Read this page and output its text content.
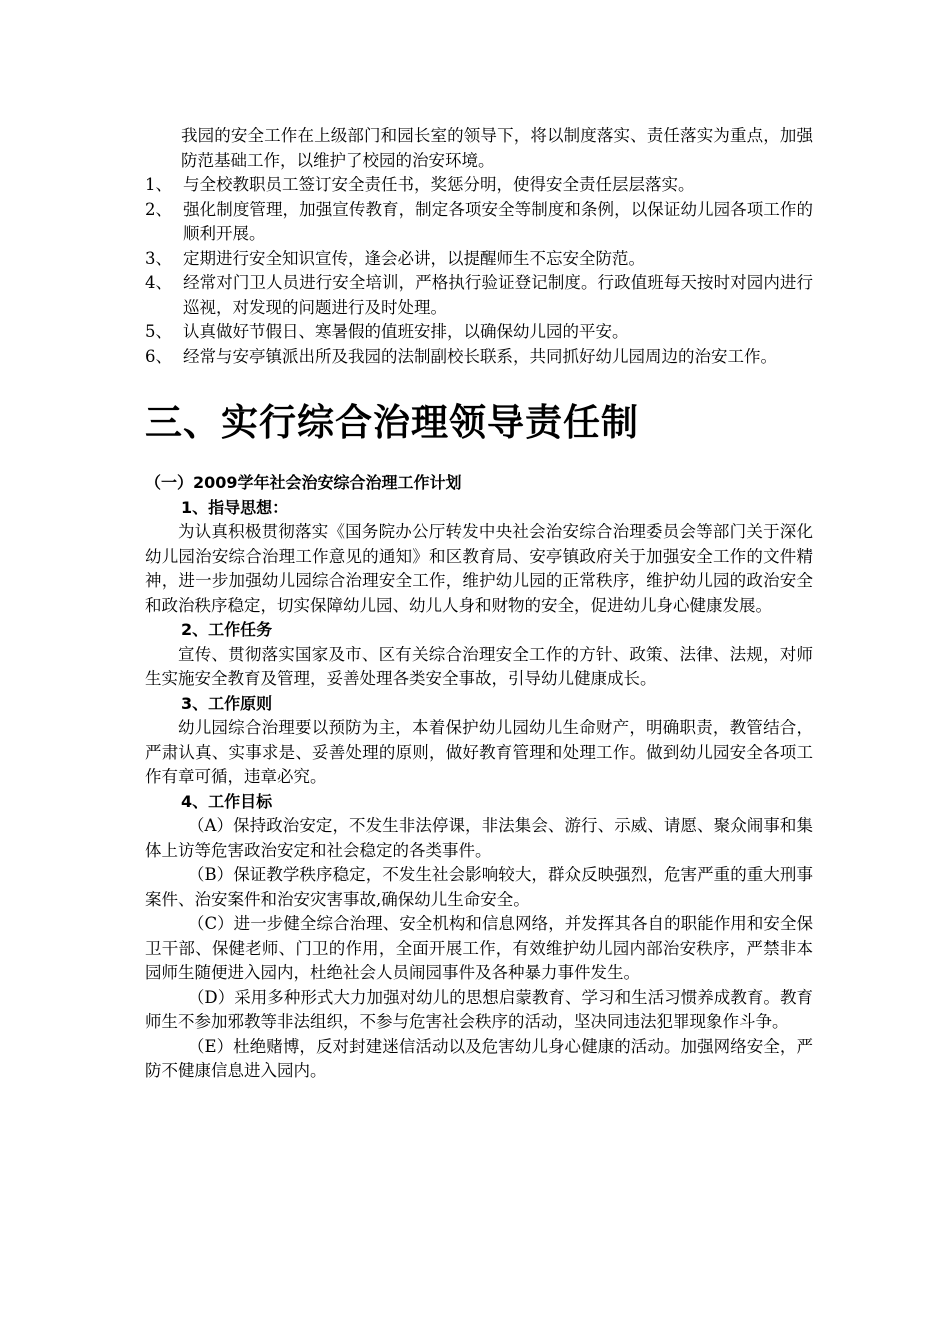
我园的安全工作在上级部门和园长室的领导下，将以制度落实、责任落实为重点，加强防范基础工作，以维护了校园的治安环境。

1、 与全校教职员工签订安全责任书，奖惩分明，使得安全责任层层落实。

2、 强化制度管理，加强宣传教育，制定各项安全等制度和条例，以保证幼儿园各项工作的顺利开展。

3、 定期进行安全知识宣传，逢会必讲，以提醒师生不忘安全防范。

4、 经常对门卫人员进行安全培训，严格执行验证登记制度。行政值班每天按时对园内进行巡视，对发现的问题进行及时处理。

5、 认真做好节假日、寒暑假的值班安排，以确保幼儿园的平安。

6、 经常与安亭镇派出所及我园的法制副校长联系，共同抓好幼儿园周边的治安工作。

三、实行综合治理领导责任制
（一）2009学年社会治安综合治理工作计划
1、指导思想：

为认真积极贯彻落实《国务院办公厅转发中央社会治安综合治理委员会等部门关于深化幼儿园治安综合治理工作意见的通知》和区教育局、安亭镇政府关于加强安全工作的文件精神，进一步加强幼儿园综合治理安全工作，维护幼儿园的正常秩序，维护幼儿园的政治安全和政治秩序稳定，切实保障幼儿园、幼儿人身和财物的安全，促进幼儿身心健康发展。

2、工作任务

宣传、贯彻落实国家及市、区有关综合治理安全工作的方针、政策、法律、法规，对师生实施安全教育及管理，妥善处理各类安全事故，引导幼儿健康成长。

3、工作原则

幼儿园综合治理要以预防为主，本着保护幼儿园幼儿生命财产，明确职责，教管结合，严肃认真、实事求是、妥善处理的原则，做好教育管理和处理工作。做到幼儿园安全各项工作有章可循，违章必究。

4、工作目标

（A）保持政治安定，不发生非法停课，非法集会、游行、示威、请愿、聚众闹事和集体上访等危害政治安定和社会稳定的各类事件。

（B）保证教学秩序稳定，不发生社会影响较大，群众反映强烈，危害严重的重大刑事案件、治安案件和治安灾害事故,确保幼儿生命安全。

（C）进一步健全综合治理、安全机构和信息网络，并发挥其各自的职能作用和安全保卫干部、保健老师、门卫的作用，全面开展工作，有效维护幼儿园内部治安秩序，严禁非本园师生随便进入园内，杜绝社会人员闹园事件及各种暴力事件发生。

（D）采用多种形式大力加强对幼儿的思想启蒙教育、学习和生活习惯养成教育。教育师生不参加邪教等非法组织，不参与危害社会秩序的活动，坚决同违法犯罪现象作斗争。

（E）杜绝赌博，反对封建迷信活动以及危害幼儿身心健康的活动。加强网络安全，严防不健康信息进入园内。
